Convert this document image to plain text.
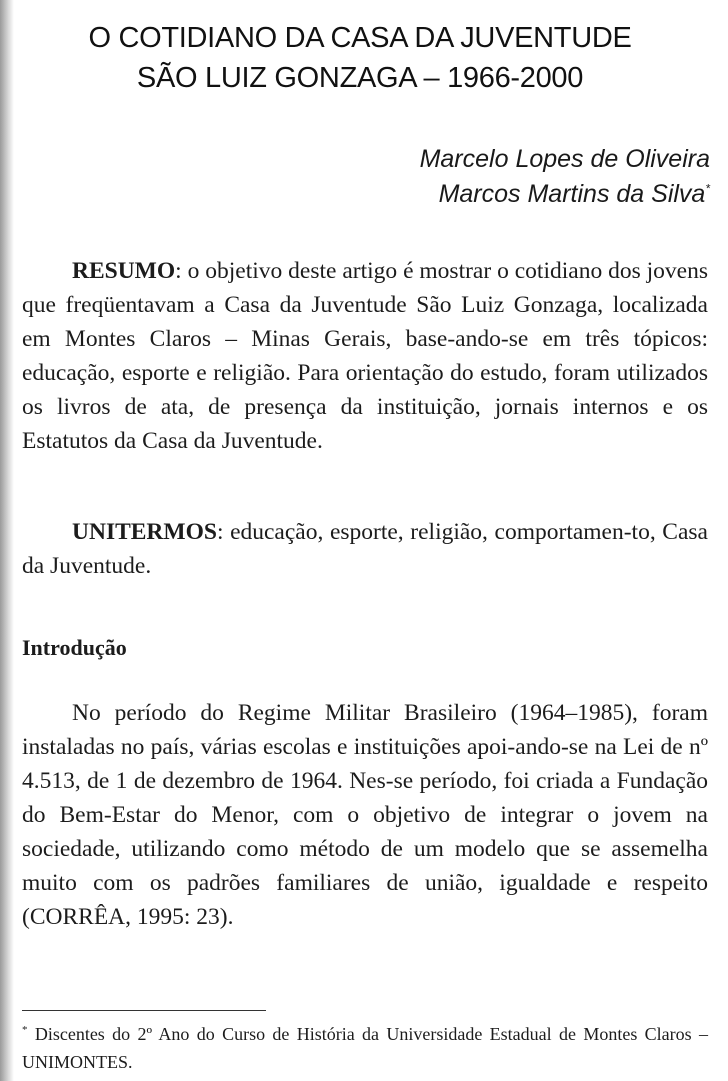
O COTIDIANO DA CASA DA JUVENTUDE
SÃO LUIZ GONZAGA – 1966-2000
Marcelo Lopes de Oliveira
Marcos Martins da Silva*

RESUMO: o objetivo deste artigo é mostrar o cotidiano dos jovens que freqüentavam a Casa da Juventude São Luiz Gonzaga, localizada em Montes Claros – Minas Gerais, base-ando-se em três tópicos: educação, esporte e religião. Para orientação do estudo, foram utilizados os livros de ata, de presença da instituição, jornais internos e os Estatutos da Casa da Juventude.

UNITERMOS: educação, esporte, religião, comportamen-to, Casa da Juventude.

Introdução

No período do Regime Militar Brasileiro (1964–1985), foram instaladas no país, várias escolas e instituições apoi-ando-se na Lei de nº 4.513, de 1 de dezembro de 1964. Nes-se período, foi criada a Fundação do Bem-Estar do Menor, com o objetivo de integrar o jovem na sociedade, utilizando como método de um modelo que se assemelha muito com os padrões familiares de união, igualdade e respeito (CORRÊA, 1995: 23).

* Discentes do 2º Ano do Curso de História da Universidade Estadual de Montes Claros – UNIMONTES.
